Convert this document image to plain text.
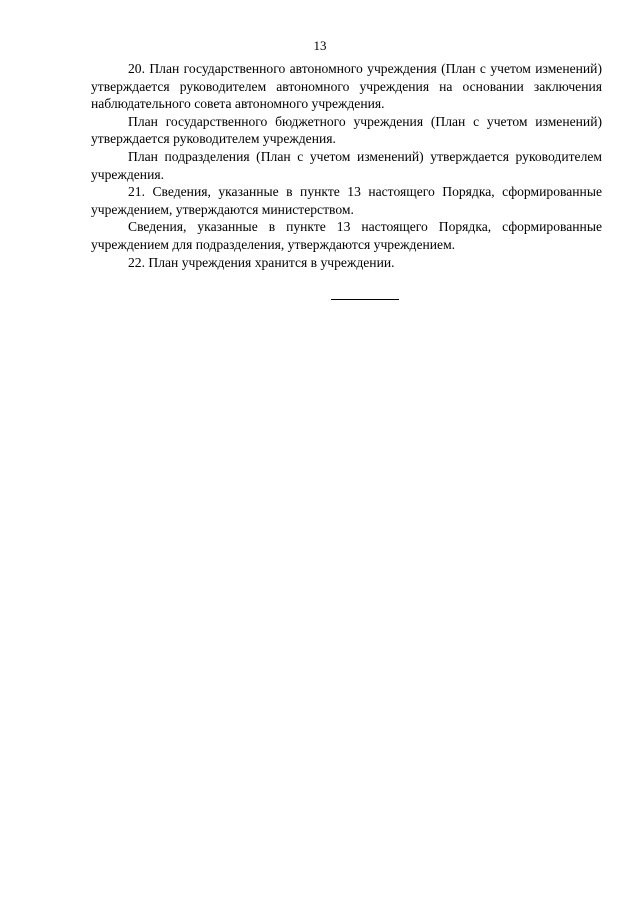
13

20. План государственного автономного учреждения (План с учетом изменений) утверждается руководителем автономного учреждения на основании заключения наблюдательного совета автономного учреждения.

План государственного бюджетного учреждения (План с учетом изменений) утверждается руководителем учреждения.

План подразделения (План с учетом изменений) утверждается руководителем учреждения.

21. Сведения, указанные в пункте 13 настоящего Порядка, сформированные учреждением, утверждаются министерством.

Сведения, указанные в пункте 13 настоящего Порядка, сформированные учреждением для подразделения, утверждаются учреждением.

22. План учреждения хранится в учреждении.
